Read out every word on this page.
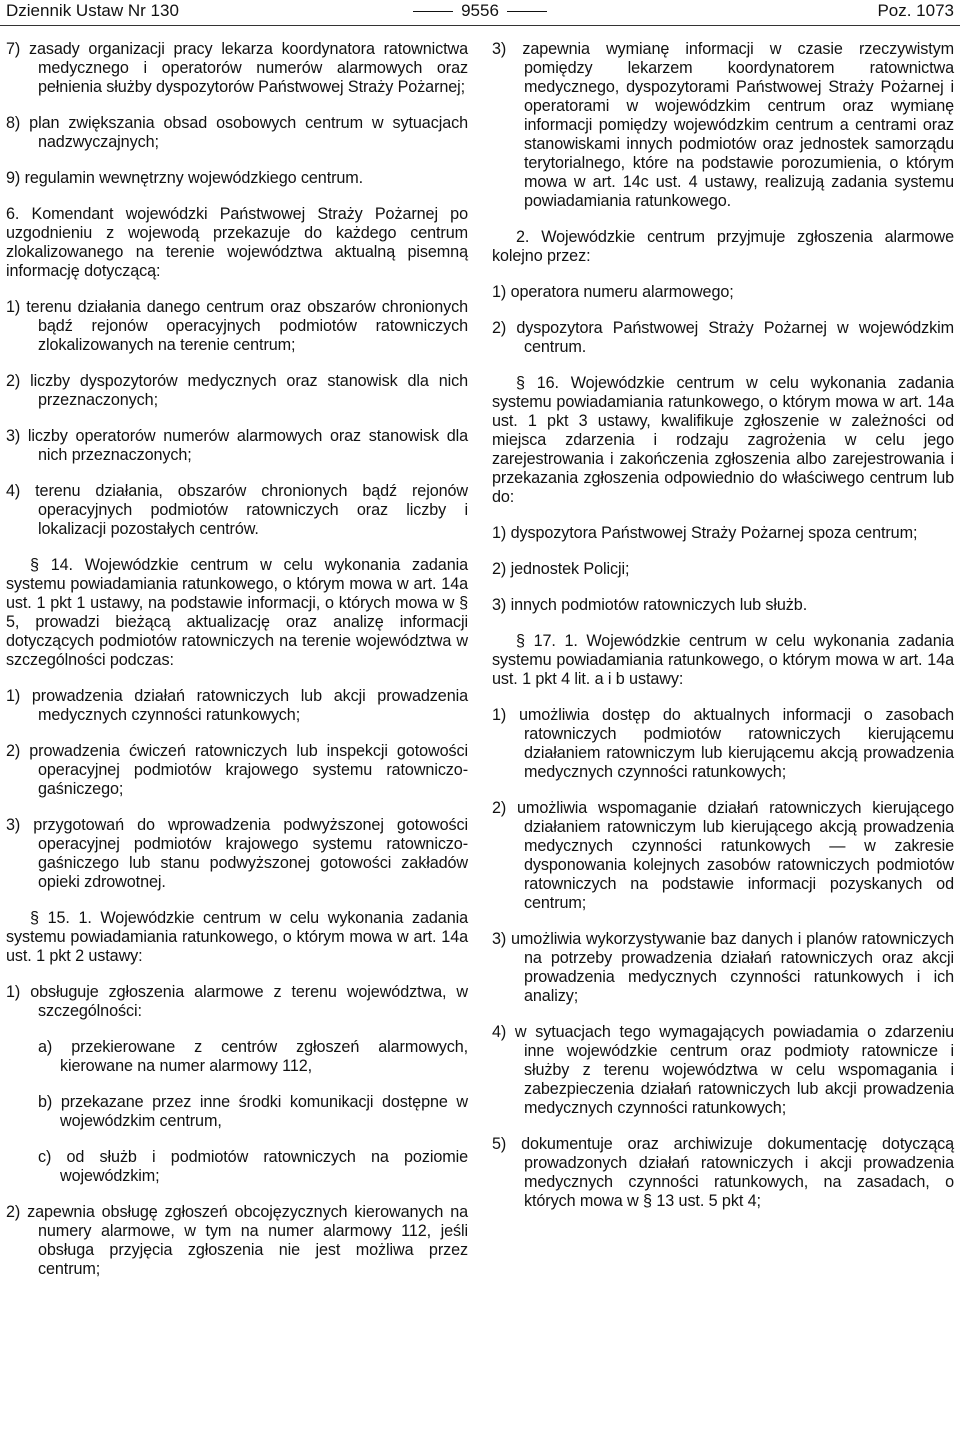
Dziennik Ustaw Nr 130	9556	Poz. 1073

7) zasady organizacji pracy lekarza koordynatora ratownictwa medycznego i operatorów numerów alarmowych oraz pełnienia służby dyspozytorów Państwowej Straży Pożarnej;

8) plan zwiększania obsad osobowych centrum w sytuacjach nadzwyczajnych;

9) regulamin wewnętrzny wojewódzkiego centrum.

6. Komendant wojewódzki Państwowej Straży Pożarnej po uzgodnieniu z wojewodą przekazuje do każdego centrum zlokalizowanego na terenie województwa aktualną pisemną informację dotyczącą:

1) terenu działania danego centrum oraz obszarów chronionych bądź rejonów operacyjnych podmiotów ratowniczych zlokalizowanych na terenie centrum;

2) liczby dyspozytorów medycznych oraz stanowisk dla nich przeznaczonych;

3) liczby operatorów numerów alarmowych oraz stanowisk dla nich przeznaczonych;

4) terenu działania, obszarów chronionych bądź rejonów operacyjnych podmiotów ratowniczych oraz liczby i lokalizacji pozostałych centrów.

§ 14. Wojewódzkie centrum w celu wykonania zadania systemu powiadamiania ratunkowego, o którym mowa w art. 14a ust. 1 pkt 1 ustawy, na podstawie informacji, o których mowa w § 5, prowadzi bieżącą aktualizację oraz analizę informacji dotyczących podmiotów ratowniczych na terenie województwa w szczególności podczas:

1) prowadzenia działań ratowniczych lub akcji prowadzenia medycznych czynności ratunkowych;

2) prowadzenia ćwiczeń ratowniczych lub inspekcji gotowości operacyjnej podmiotów krajowego systemu ratowniczo-gaśniczego;

3) przygotowań do wprowadzenia podwyższonej gotowości operacyjnej podmiotów krajowego systemu ratowniczo-gaśniczego lub stanu podwyższonej gotowości zakładów opieki zdrowotnej.

§ 15. 1. Wojewódzkie centrum w celu wykonania zadania systemu powiadamiania ratunkowego, o którym mowa w art. 14a ust. 1 pkt 2 ustawy:

1) obsługuje zgłoszenia alarmowe z terenu województwa, w szczególności:

a) przekierowane z centrów zgłoszeń alarmowych, kierowane na numer alarmowy 112,

b) przekazane przez inne środki komunikacji dostępne w wojewódzkim centrum,

c) od służb i podmiotów ratowniczych na poziomie wojewódzkim;

2) zapewnia obsługę zgłoszeń obcojęzycznych kierowanych na numery alarmowe, w tym na numer alarmowy 112, jeśli obsługa przyjęcia zgłoszenia nie jest możliwa przez centrum;

3) zapewnia wymianę informacji w czasie rzeczywistym pomiędzy lekarzem koordynatorem ratownictwa medycznego, dyspozytorami Państwowej Straży Pożarnej i operatorami w wojewódzkim centrum oraz wymianę informacji pomiędzy wojewódzkim centrum a centrami oraz stanowiskami innych podmiotów oraz jednostek samorządu terytorialnego, które na podstawie porozumienia, o którym mowa w art. 14c ust. 4 ustawy, realizują zadania systemu powiadamiania ratunkowego.

2. Wojewódzkie centrum przyjmuje zgłoszenia alarmowe kolejno przez:

1) operatora numeru alarmowego;

2) dyspozytora Państwowej Straży Pożarnej w wojewódzkim centrum.

§ 16. Wojewódzkie centrum w celu wykonania zadania systemu powiadamiania ratunkowego, o którym mowa w art. 14a ust. 1 pkt 3 ustawy, kwalifikuje zgłoszenie w zależności od miejsca zdarzenia i rodzaju zagrożenia w celu jego zarejestrowania i zakończenia zgłoszenia albo zarejestrowania i przekazania zgłoszenia odpowiednio do właściwego centrum lub do:

1) dyspozytora Państwowej Straży Pożarnej spoza centrum;

2) jednostek Policji;

3) innych podmiotów ratowniczych lub służb.

§ 17. 1. Wojewódzkie centrum w celu wykonania zadania systemu powiadamiania ratunkowego, o którym mowa w art. 14a ust. 1 pkt 4 lit. a i b ustawy:

1) umożliwia dostęp do aktualnych informacji o zasobach ratowniczych podmiotów ratowniczych kierującemu działaniem ratowniczym lub kierującemu akcją prowadzenia medycznych czynności ratunkowych;

2) umożliwia wspomaganie działań ratowniczych kierującego działaniem ratowniczym lub kierującego akcją prowadzenia medycznych czynności ratunkowych — w zakresie dysponowania kolejnych zasobów ratowniczych podmiotów ratowniczych na podstawie informacji pozyskanych od centrum;

3) umożliwia wykorzystywanie baz danych i planów ratowniczych na potrzeby prowadzenia działań ratowniczych oraz akcji prowadzenia medycznych czynności ratunkowych i ich analizy;

4) w sytuacjach tego wymagających powiadamia o zdarzeniu inne wojewódzkie centrum oraz podmioty ratownicze i służby z terenu województwa w celu wspomagania i zabezpieczenia działań ratowniczych lub akcji prowadzenia medycznych czynności ratunkowych;

5) dokumentuje oraz archiwizuje dokumentację dotyczącą prowadzonych działań ratowniczych i akcji prowadzenia medycznych czynności ratunkowych, na zasadach, o których mowa w § 13 ust. 5 pkt 4;
